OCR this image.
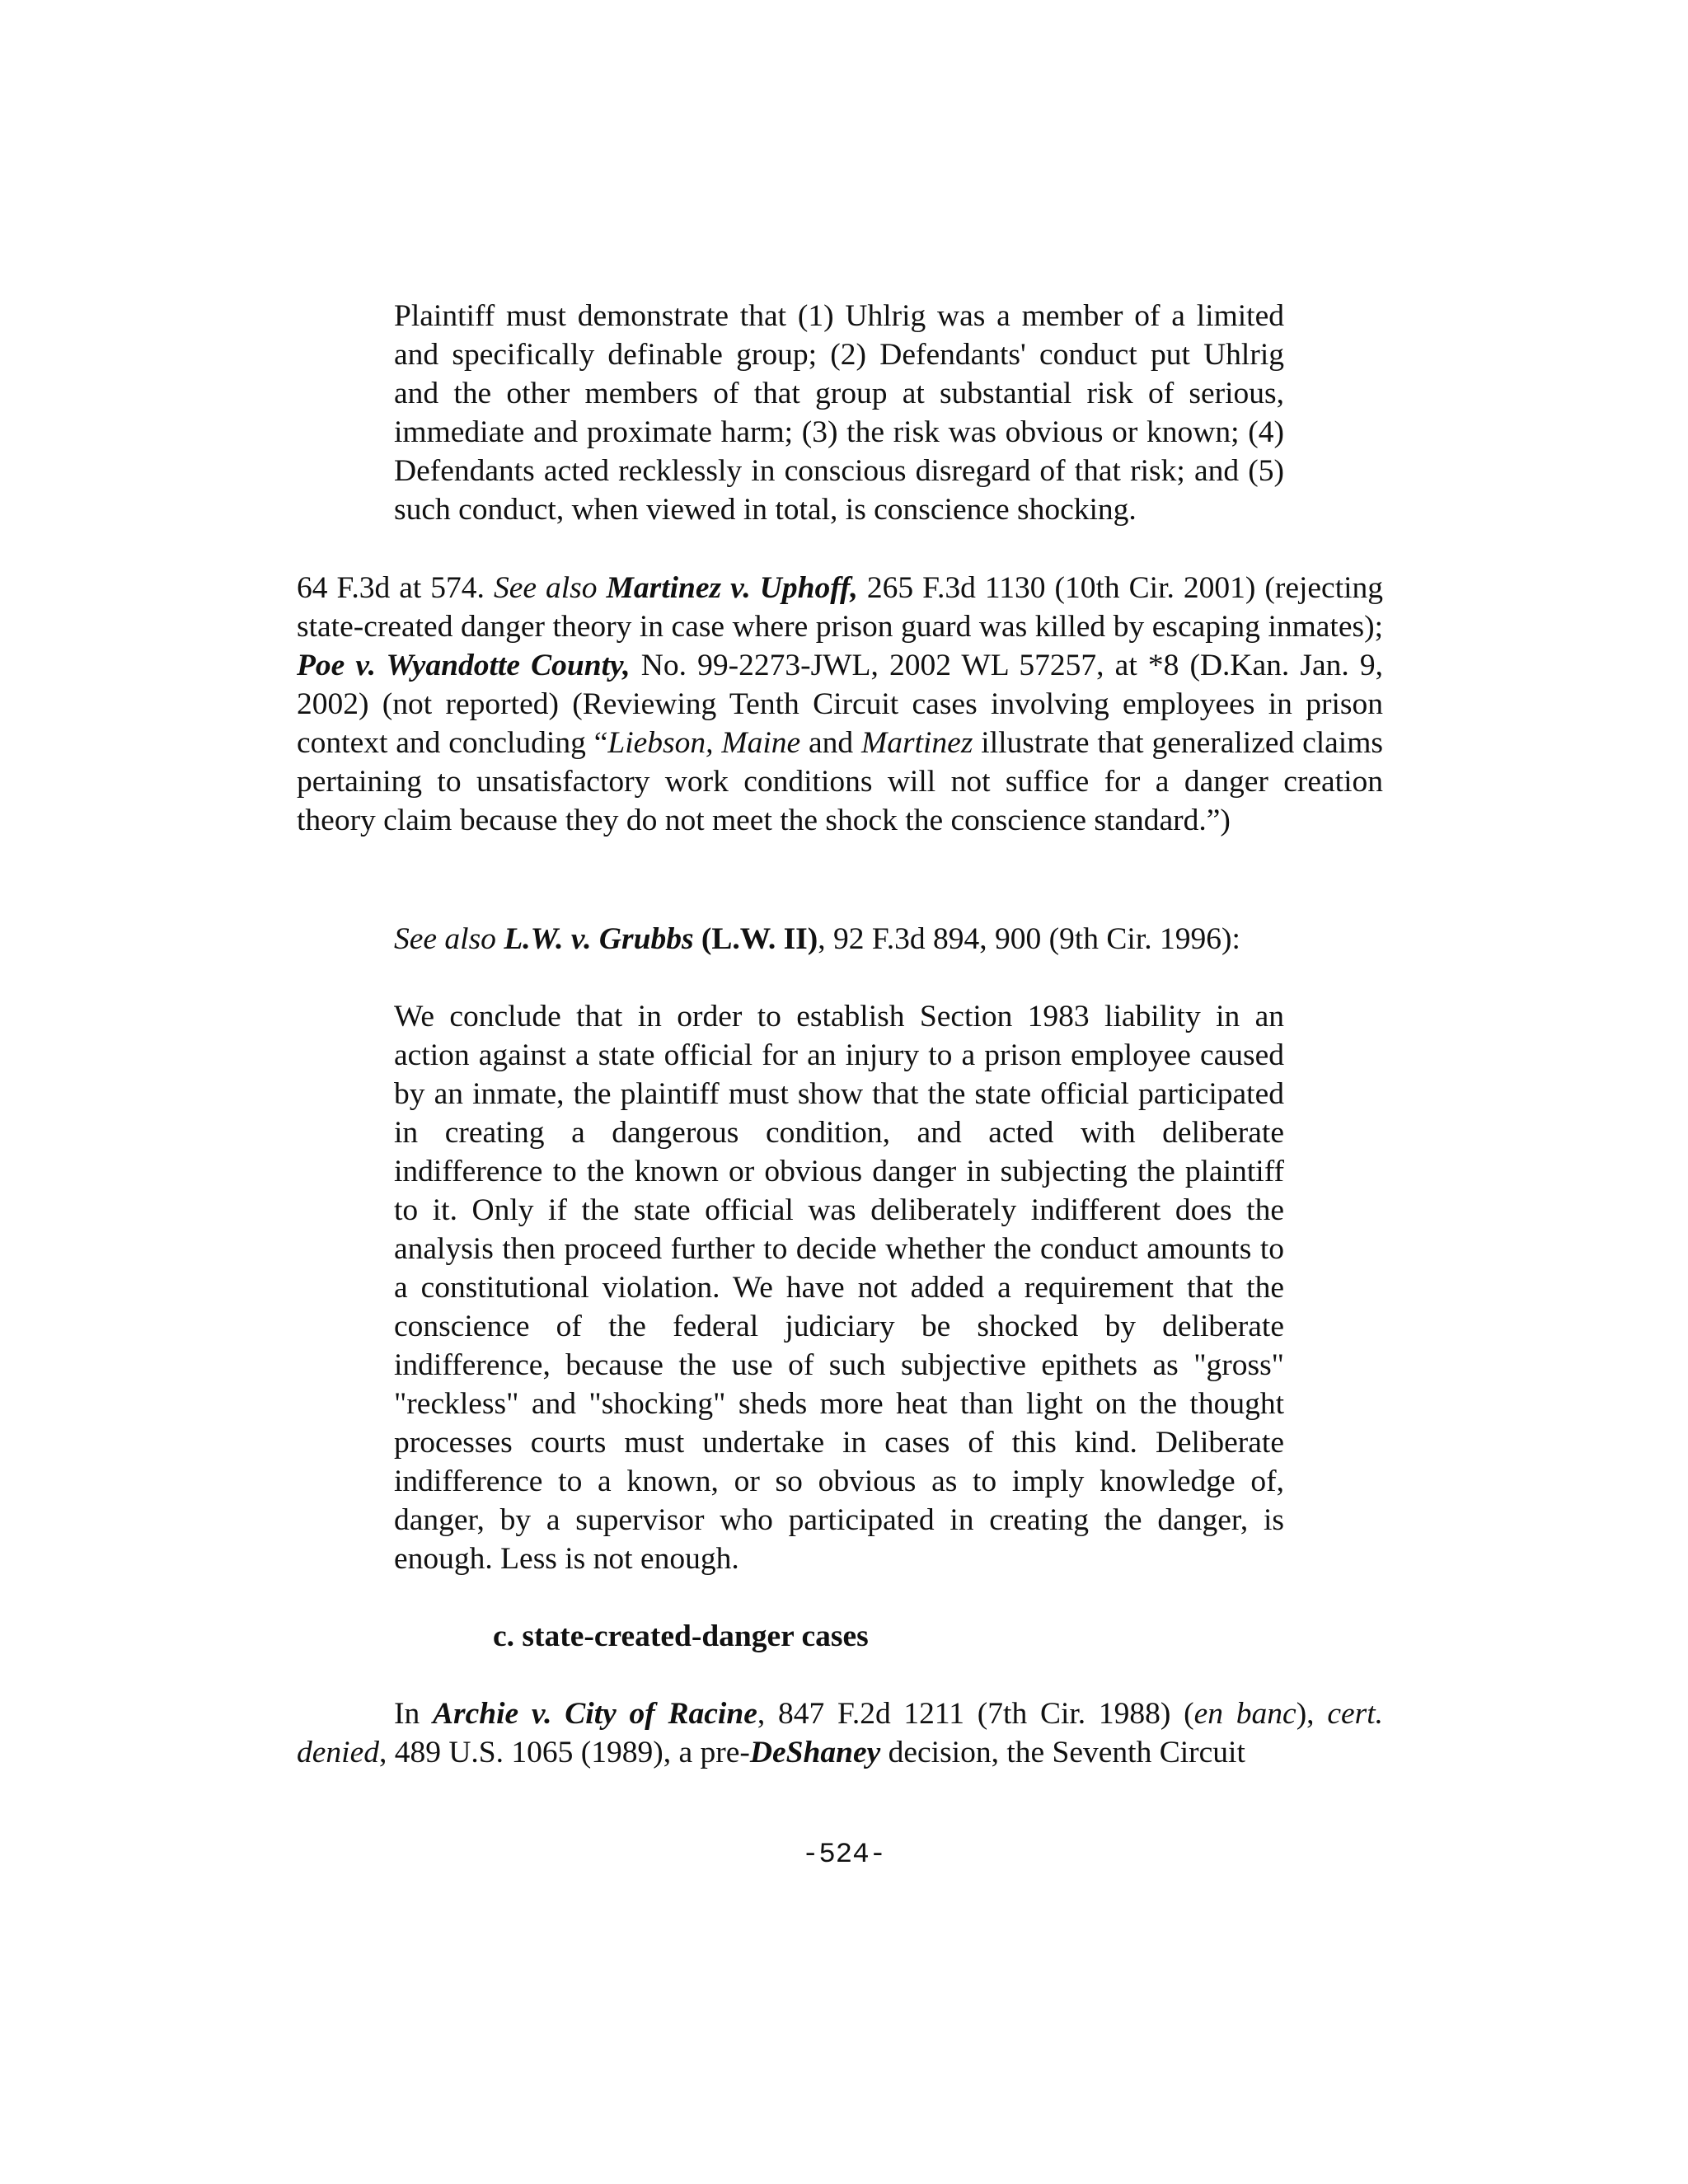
Plaintiff must demonstrate that (1) Uhlrig was a member of a limited and specifically definable group; (2) Defendants' conduct put Uhlrig and the other members of that group at substantial risk of serious, immediate and proximate harm; (3) the risk was obvious or known; (4) Defendants acted recklessly in conscious disregard of that risk; and (5) such conduct, when viewed in total, is conscience shocking.

64 F.3d at 574. See also Martinez v. Uphoff, 265 F.3d 1130 (10th Cir. 2001) (rejecting state-created danger theory in case where prison guard was killed by escaping inmates); Poe v. Wyandotte County, No. 99-2273-JWL, 2002 WL 57257, at *8 (D.Kan. Jan. 9, 2002) (not reported) (Reviewing Tenth Circuit cases involving employees in prison context and concluding “Liebson, Maine and Martinez illustrate that generalized claims pertaining to unsatisfactory work conditions will not suffice for a danger creation theory claim because they do not meet the shock the conscience standard.”)

See also L.W. v. Grubbs (L.W. II), 92 F.3d 894, 900 (9th Cir. 1996):

We conclude that in order to establish Section 1983 liability in an action against a state official for an injury to a prison employee caused by an inmate, the plaintiff must show that the state official participated in creating a dangerous condition, and acted with deliberate indifference to the known or obvious danger in subjecting the plaintiff to it. Only if the state official was deliberately indifferent does the analysis then proceed further to decide whether the conduct amounts to a constitutional violation. We have not added a requirement that the conscience of the federal judiciary be shocked by deliberate indifference, because the use of such subjective epithets as "gross" "reckless" and "shocking" sheds more heat than light on the thought processes courts must undertake in cases of this kind. Deliberate indifference to a known, or so obvious as to imply knowledge of, danger, by a supervisor who participated in creating the danger, is enough. Less is not enough.

c. state-created-danger cases

In Archie v. City of Racine, 847 F.2d 1211 (7th Cir. 1988) (en banc), cert. denied, 489 U.S. 1065 (1989), a pre-DeShaney decision, the Seventh Circuit

-524-
